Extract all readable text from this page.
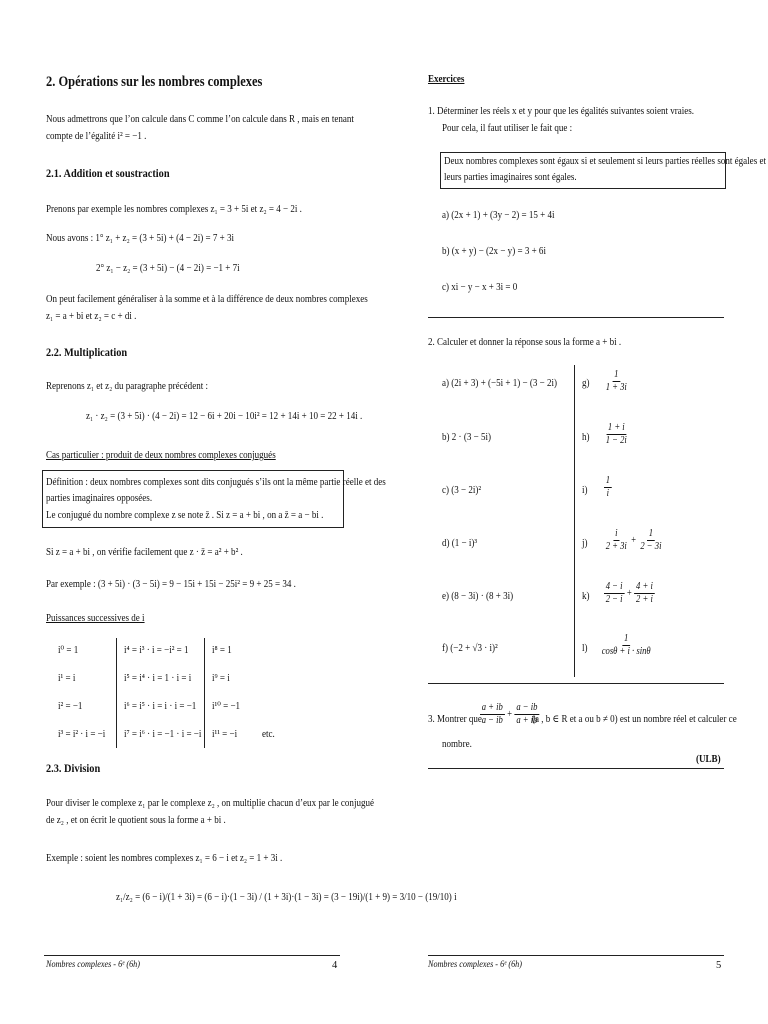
2. Opérations sur les nombres complexes
Nous admettrons que l’on calcule dans C comme l’on calcule dans R , mais en tenant
compte de l’égalité i² = −1 .
2.1. Addition et soustraction
Prenons par exemple les nombres complexes z₁ = 3 + 5i et z₂ = 4 − 2i .
Nous avons : 1° z₁ + z₂ = (3 + 5i) + (4 − 2i) = 7 + 3i
2° z₁ − z₂ = (3 + 5i) − (4 − 2i) = −1 + 7i
On peut facilement généraliser à la somme et à la différence de deux nombres complexes
z₁ = a + bi et z₂ = c + di .
2.2. Multiplication
Reprenons z₁ et z₂ du paragraphe précédent :
z₁ · z₂ = (3 + 5i) · (4 − 2i) = 12 − 6i + 20i − 10i² = 12 + 14i + 10 = 22 + 14i .
Cas particulier : produit de deux nombres complexes conjugués
Définition : deux nombres complexes sont dits conjugués s’ils ont la même partie réelle et des
parties imaginaires opposées.
Le conjugué du nombre complexe z se note z̄ . Si z = a + bi , on a z̄ = a − bi .
Si z = a + bi , on vérifie facilement que z · z̄ = a² + b² .
Par exemple : (3 + 5i) · (3 − 5i) = 9 − 15i + 15i − 25i² = 9 + 25 = 34 .
Puissances successives de i
i⁰ = 1
i¹ = i
i² = −1
i³ = i² · i = −i
i⁴ = i³ · i = −i² = 1
i⁵ = i⁴ · i = 1 · i = i
i⁶ = i⁵ · i = i · i = −1
i⁷ = i⁶ · i = −1 · i = −i
i⁸ = 1
i⁹ = i
i¹⁰ = −1
i¹¹ = −i etc.
2.3. Division
Pour diviser le complexe z₁ par le complexe z₂ , on multiplie chacun d’eux par le conjugué
de z₂ , et on écrit le quotient sous la forme a + bi .
Exemple : soient les nombres complexes z₁ = 6 − i et z₂ = 1 + 3i .
z₁/z₂ = (6 − i)/(1 + 3i) = (6 − i)·(1 − 3i) / (1 + 3i)·(1 − 3i) = (3 − 19i)/(1 + 9) = 3/10 − (19/10) i
Nombres complexes - 6ᵉ (6h)	4
Exercices
1. Déterminer les réels x et y pour que les égalités suivantes soient vraies.
Pour cela, il faut utiliser le fait que :
Deux nombres complexes sont égaux si et seulement si leurs parties réelles sont égales et
leurs parties imaginaires sont égales.
a) (2x + 1) + (3y − 2) = 15 + 4i
b) (x + y) − (2x − y) = 3 + 6i
c) xi − y − x + 3i = 0
2. Calculer et donner la réponse sous la forme a + bi .
a) (2i + 3) + (−5i + 1) − (3 − 2i)
b) 2 · (3 − 5i)
c) (3 − 2i)²
d) (1 − i)³
e) (8 − 3i) · (8 + 3i)
f) (−2 + √3 · i)²
$g) \frac{1}{1 + 3i}$
$h) \frac{1 + i}{1 - 2i}$
$i) \frac{1}{i}$
$j) \frac{i}{2 + 3i} + \frac{1}{2 - 3i}$
$k) \frac{4 - i}{2 - i} + \frac{4 + i}{2 + i}$
$l) \frac{1}{\cos\theta + i \cdot \sin\theta}$
3. Montrer que
$\frac{a + ib}{a - ib} + \frac{a - ib}{a + ib}$
(a , b ∈ R et a ou b ≠ 0) est un nombre réel et calculer ce
nombre.
(ULB)
Nombres complexes - 6ᵉ (6h)	5
